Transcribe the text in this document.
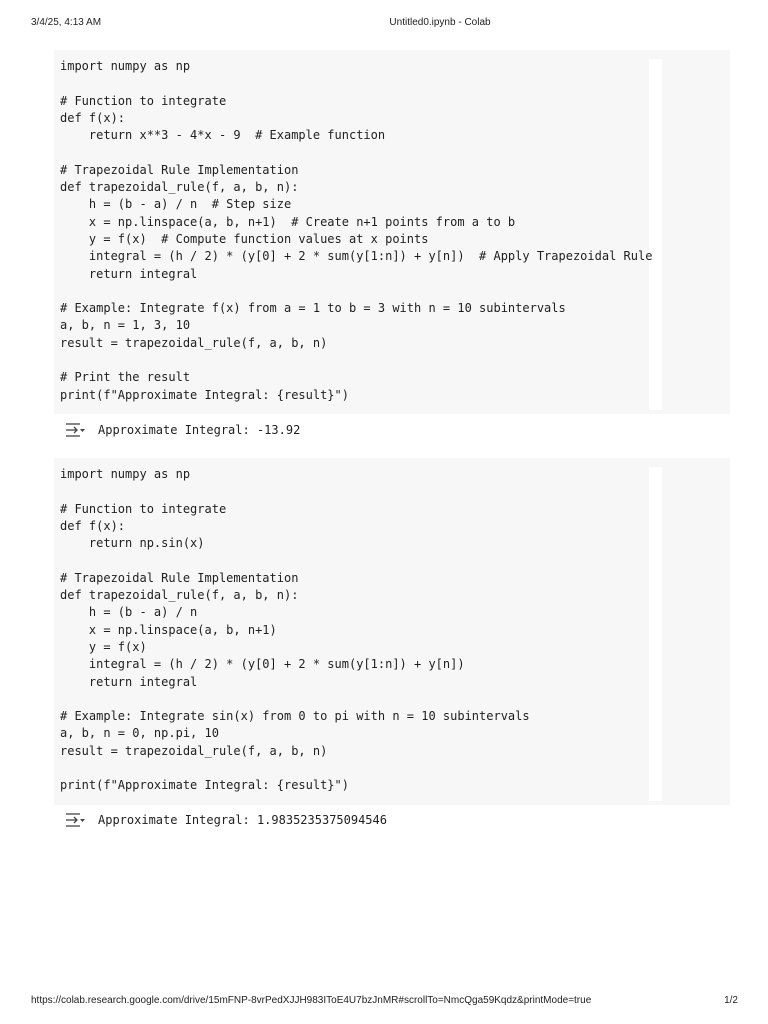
3/4/25, 4:13 AM	Untitled0.ipynb - Colab
import numpy as np
# Function to integrate
def f(x):
return x**3 - 4*x - 9  # Example function
# Trapezoidal Rule Implementation
def trapezoidal_rule(f, a, b, n):
h = (b - a) / n  # Step size
x = np.linspace(a, b, n+1)  # Create n+1 points from a to b
y = f(x)  # Compute function values at x points
integral = (h / 2) * (y[0] + 2 * sum(y[1:n]) + y[n])  # Apply Trapezoidal Rule
return integral
# Example: Integrate f(x) from a = 1 to b = 3 with n = 10 subintervals
a, b, n = 1, 3, 10
result = trapezoidal_rule(f, a, b, n)
# Print the result
print(f"Approximate Integral: {result}")
Approximate Integral: -13.92
import numpy as np
# Function to integrate
def f(x):
return np.sin(x)
# Trapezoidal Rule Implementation
def trapezoidal_rule(f, a, b, n):
h = (b - a) / n
x = np.linspace(a, b, n+1)
y = f(x)
integral = (h / 2) * (y[0] + 2 * sum(y[1:n]) + y[n])
return integral
# Example: Integrate sin(x) from 0 to pi with n = 10 subintervals
a, b, n = 0, np.pi, 10
result = trapezoidal_rule(f, a, b, n)
print(f"Approximate Integral: {result}")
Approximate Integral: 1.9835235375094546
https://colab.research.google.com/drive/15mFNP-8vrPedXJJH983IToE4U7bzJnMR#scrollTo=NmcQga59Kqdz&printMode=true	1/2
